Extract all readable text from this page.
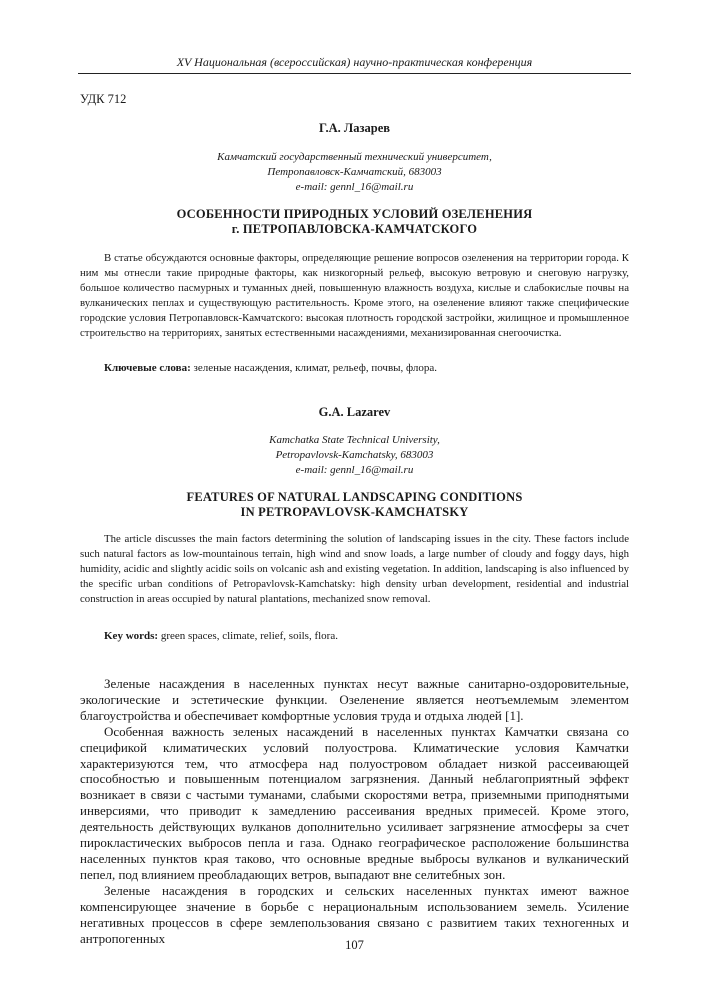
XV Национальная (всероссийская) научно-практическая конференция
УДК 712
Г.А. Лазарев
Камчатский государственный технический университет,
Петропавловск-Камчатский, 683003
e-mail: gennl_16@mail.ru
ОСОБЕННОСТИ ПРИРОДНЫХ УСЛОВИЙ ОЗЕЛЕНЕНИЯ
г. ПЕТРОПАВЛОВСКА-КАМЧАТСКОГО
В статье обсуждаются основные факторы, определяющие решение вопросов озеленения на территории города. К ним мы отнесли такие природные факторы, как низкогорный рельеф, высокую ветровую и снеговую нагрузку, большое количество пасмурных и туманных дней, повышенную влажность воздуха, кислые и слабокислые почвы на вулканических пеплах и существующую растительность. Кроме этого, на озеленение влияют также специфические городские условия Петропавловск-Камчатского: высокая плотность городской застройки, жилищное и промышленное строительство на территориях, занятых естественными насаждениями, механизированная снегоочистка.
Ключевые слова: зеленые насаждения, климат, рельеф, почвы, флора.
G.A. Lazarev
Kamchatka State Technical University,
Petropavlovsk-Kamchatsky, 683003
e-mail: gennl_16@mail.ru
FEATURES OF NATURAL LANDSCAPING CONDITIONS
IN PETROPAVLOVSK-KAMCHATSKY
The article discusses the main factors determining the solution of landscaping issues in the city. These factors include such natural factors as low-mountainous terrain, high wind and snow loads, a large number of cloudy and foggy days, high humidity, acidic and slightly acidic soils on volcanic ash and existing vegetation. In addition, landscaping is also influenced by the specific urban conditions of Petropavlovsk-Kamchatsky: high density urban development, residential and industrial construction in areas occupied by natural plantations, mechanized snow removal.
Key words: green spaces, climate, relief, soils, flora.

Зеленые насаждения в населенных пунктах несут важные санитарно-оздоровительные, экологические и эстетические функции. Озеленение является неотъемлемым элементом благоустройства и обеспечивает комфортные условия труда и отдыха людей [1].

Особенная важность зеленых насаждений в населенных пунктах Камчатки связана со спецификой климатических условий полуострова. Климатические условия Камчатки характеризуются тем, что атмосфера над полуостровом обладает низкой рассеивающей способностью и повышенным потенциалом загрязнения. Данный неблагоприятный эффект возникает в связи с частыми туманами, слабыми скоростями ветра, приземными приподнятыми инверсиями, что приводит к замедлению рассеивания вредных примесей. Кроме этого, деятельность действующих вулканов дополнительно усиливает загрязнение атмосферы за счет пирокластических выбросов пепла и газа. Однако географическое расположение большинства населенных пунктов края таково, что основные вредные выбросы вулканов и вулканический пепел, под влиянием преобладающих ветров, выпадают вне селитебных зон.

Зеленые насаждения в городских и сельских населенных пунктах имеют важное компенсирующее значение в борьбе с нерациональным использованием земель. Усиление негативных процессов в сфере землепользования связано с развитием таких техногенных и антропогенных	107
